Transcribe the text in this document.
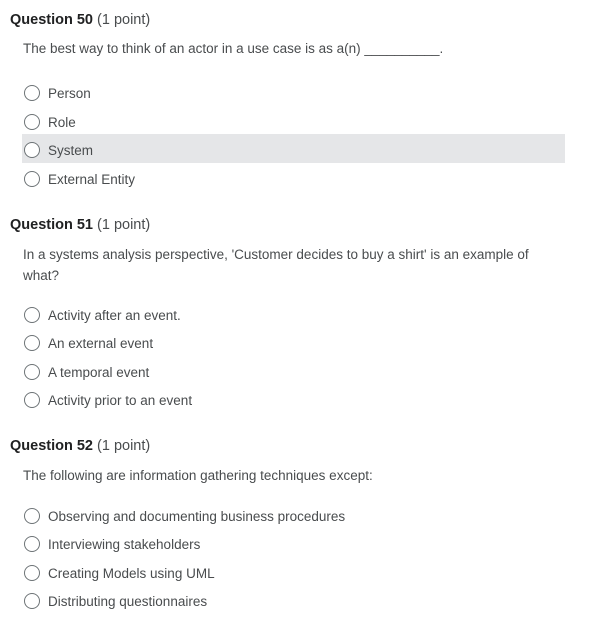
Question 50 (1 point)
The best way to think of an actor in a use case is as a(n) __________.
Person
Role
System
External Entity
Question 51 (1 point)
In a systems analysis perspective, 'Customer decides to buy a shirt' is an example of what?
Activity after an event.
An external event
A temporal event
Activity prior to an event
Question 52 (1 point)
The following are information gathering techniques except:
Observing and documenting business procedures
Interviewing stakeholders
Creating Models using UML
Distributing questionnaires
